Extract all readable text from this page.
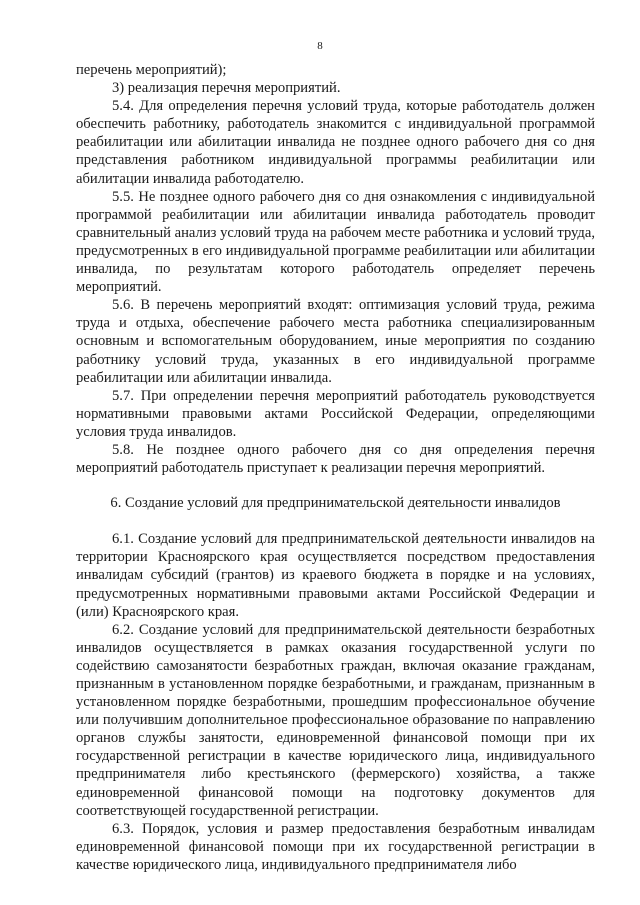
8

перечень мероприятий);

3) реализация перечня мероприятий.

5.4. Для определения перечня условий труда, которые работодатель должен обеспечить работнику, работодатель знакомится с индивидуальной программой реабилитации или абилитации инвалида не позднее одного рабочего дня со дня представления работником индивидуальной программы реабилитации или абилитации инвалида работодателю.

5.5. Не позднее одного рабочего дня со дня ознакомления с индивидуальной программой реабилитации или абилитации инвалида работодатель проводит сравнительный анализ условий труда на рабочем месте работника и условий труда, предусмотренных в его индивидуальной программе реабилитации или абилитации инвалида, по результатам которого работодатель определяет перечень мероприятий.

5.6. В перечень мероприятий входят: оптимизация условий труда, режима труда и отдыха, обеспечение рабочего места работника специализированным основным и вспомогательным оборудованием, иные мероприятия по созданию работнику условий труда, указанных в его индивидуальной программе реабилитации или абилитации инвалида.

5.7. При определении перечня мероприятий работодатель руководствуется нормативными правовыми актами Российской Федерации, определяющими условия труда инвалидов.

5.8. Не позднее одного рабочего дня со дня определения перечня мероприятий работодатель приступает к реализации перечня мероприятий.

6. Создание условий для предпринимательской деятельности инвалидов

6.1. Создание условий для предпринимательской деятельности инвалидов на территории Красноярского края осуществляется посредством предоставления инвалидам субсидий (грантов) из краевого бюджета в порядке и на условиях, предусмотренных нормативными правовыми актами Российской Федерации и (или) Красноярского края.

6.2. Создание условий для предпринимательской деятельности безработных инвалидов осуществляется в рамках оказания государственной услуги по содействию самозанятости безработных граждан, включая оказание гражданам, признанным в установленном порядке безработными, и гражданам, признанным в установленном порядке безработными, прошедшим профессиональное обучение или получившим дополнительное профессиональное образование по направлению органов службы занятости, единовременной финансовой помощи при их государственной регистрации в качестве юридического лица, индивидуального предпринимателя либо крестьянского (фермерского) хозяйства, а также единовременной финансовой помощи на подготовку документов для соответствующей государственной регистрации.

6.3. Порядок, условия и размер предоставления безработным инвалидам единовременной финансовой помощи при их государственной регистрации в качестве юридического лица, индивидуального предпринимателя либо
